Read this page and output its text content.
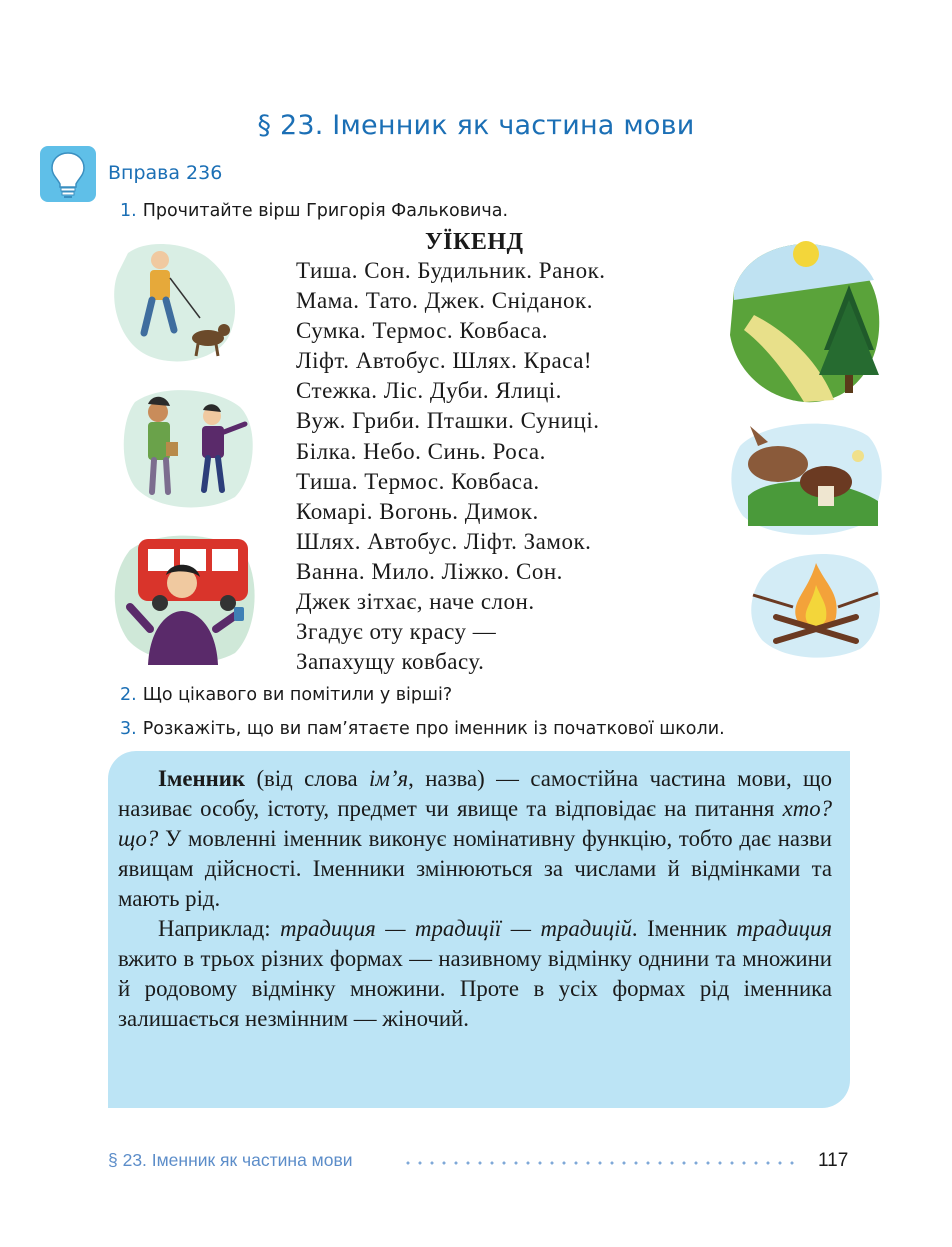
§ 23. Іменник як частина мови
Вправа 236
1. Прочитайте вірш Григорія Фальковича.
УЇКЕНД
Тиша. Сон. Будильник. Ранок.
Мама. Тато. Джек. Сніданок.
Сумка. Термос. Ковбаса.
Ліфт. Автобус. Шлях. Краса!
Стежка. Ліс. Дуби. Ялиці.
Вуж. Гриби. Пташки. Суниці.
Білка. Небо. Синь. Роса.
Тиша. Термос. Ковбаса.
Комарі. Вогонь. Димок.
Шлях. Автобус. Ліфт. Замок.
Ванна. Мило. Ліжко. Сон.
Джек зітхає, наче слон.
Згадує оту красу —
Запахущу ковбасу.
2. Що цікавого ви помітили у вірші?
3. Розкажіть, що ви пам’ятаєте про іменник із початкової школи.

Іменник (від слова ім’я, назва) — самостійна частина мови, що називає особу, істоту, предмет чи явище та відповідає на питання хто? що? У мовленні іменник виконує номінативну функцію, тобто дає назви явищам дійсності. Іменники змінюються за числами й відмінками та мають рід.

Наприклад: традиция — традиції — традицій. Іменник традиция вжито в трьох різних формах — називному відмінку однини та множини й родовому відмінку множини. Проте в усіх формах рід іменника залишається незмінним — жіночий.

§ 23. Іменник як частина мови	117
